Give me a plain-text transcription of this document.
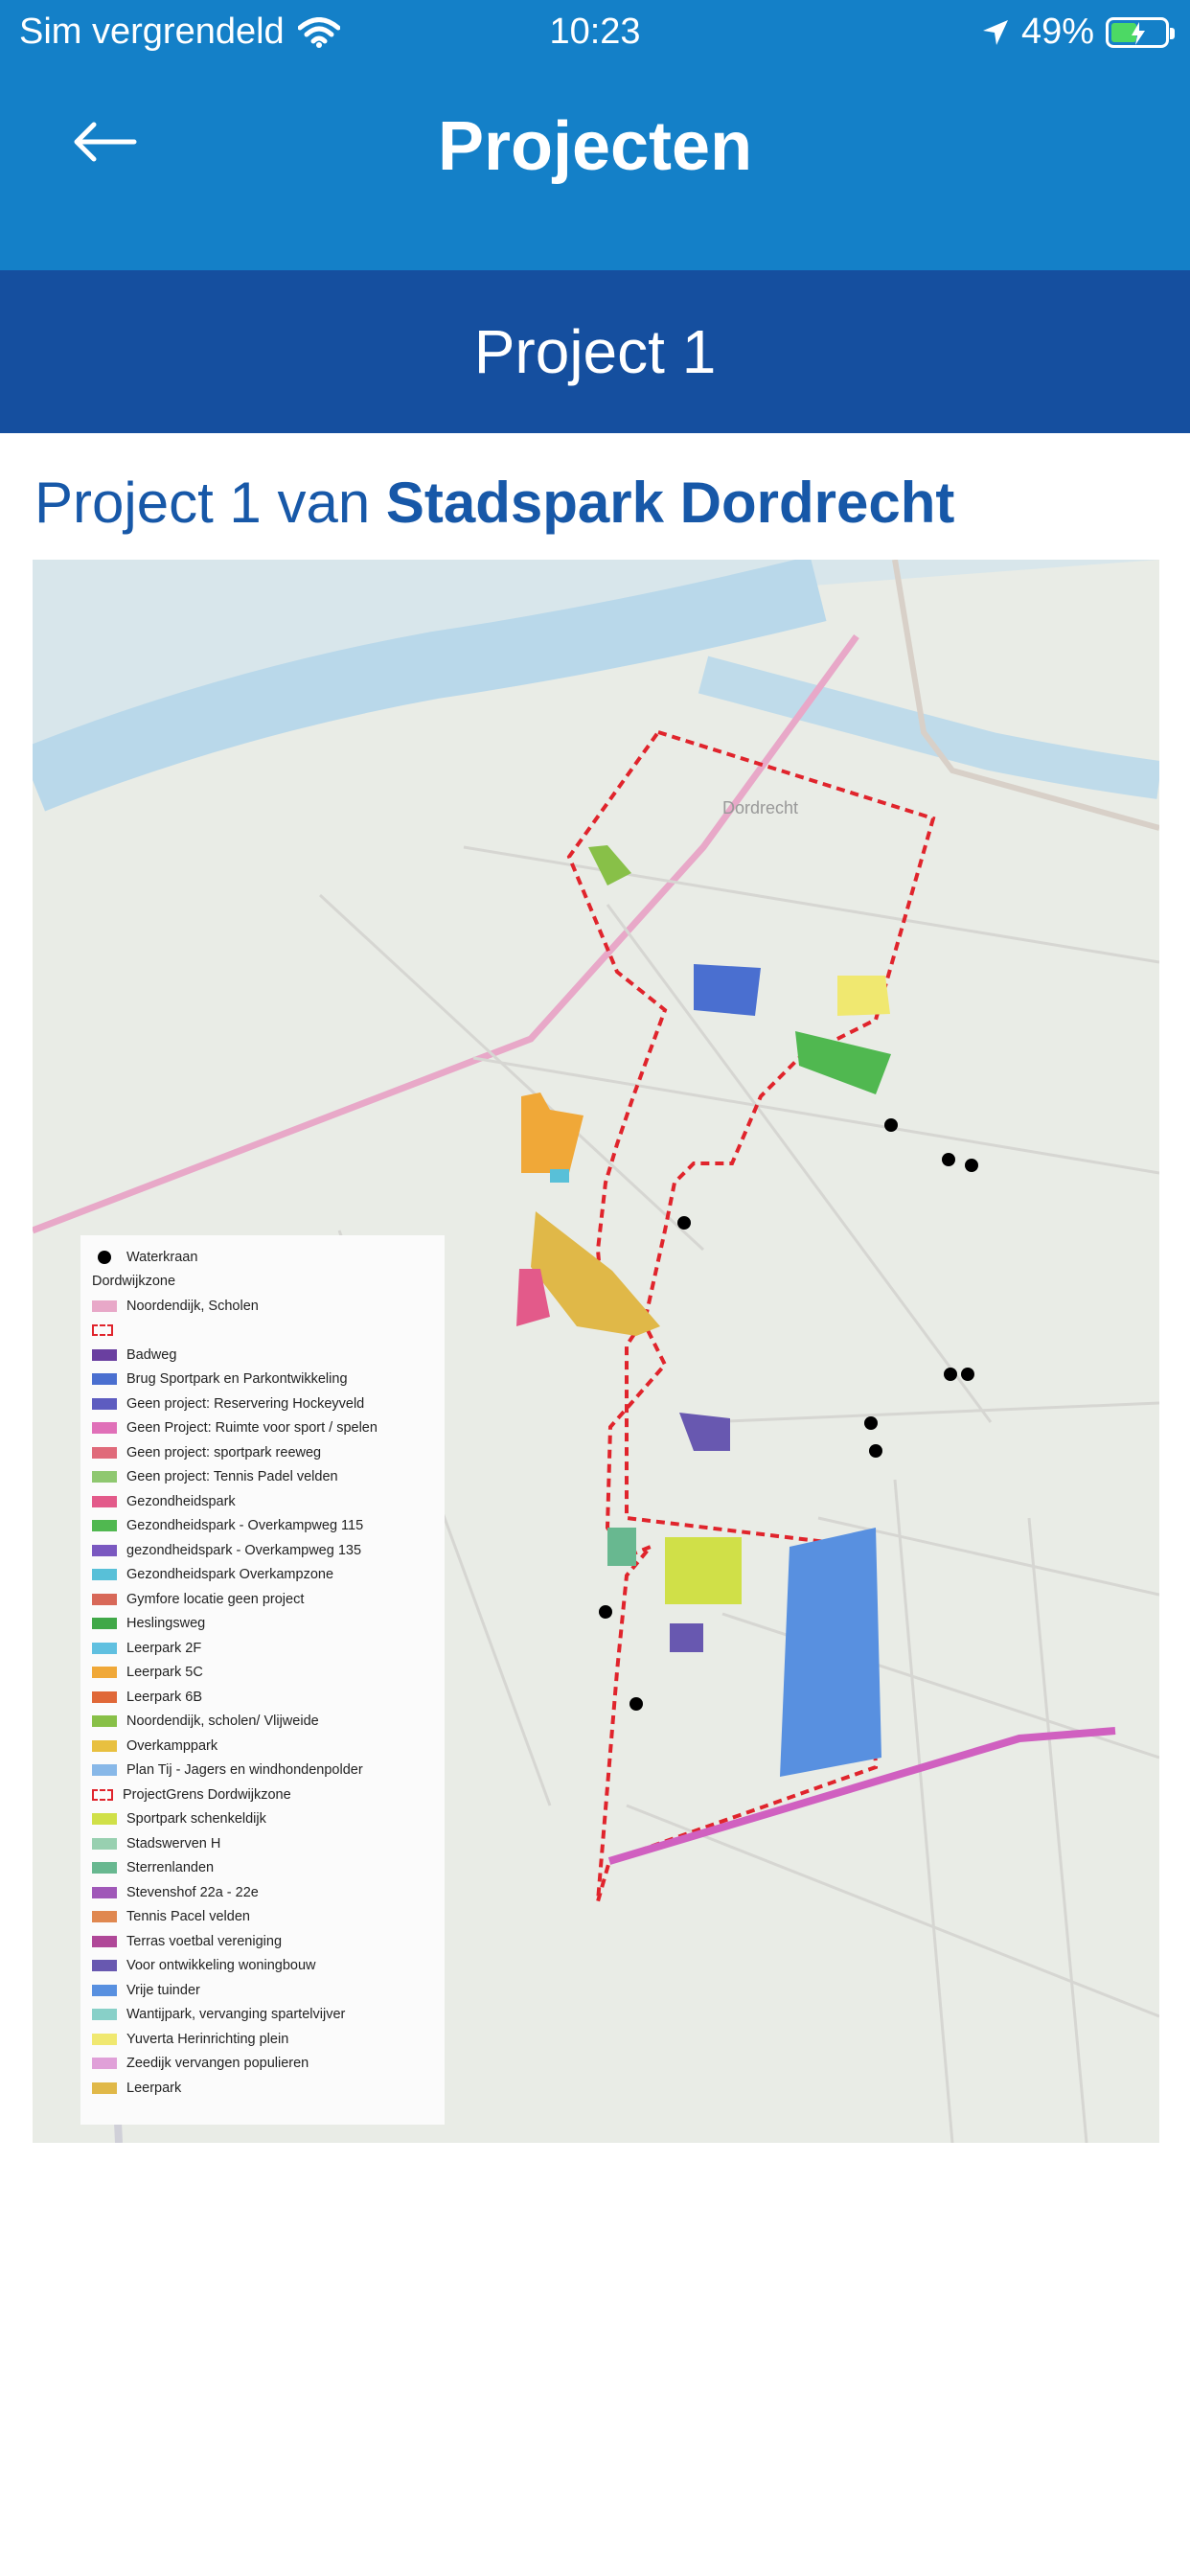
Sim vergrendeld	10:23	49%
Projecten
Project 1
Project 1 van Stadspark Dordrecht
Dordrecht
Waterkraan
Dordwijkzone
Noordendijk, Scholen
Badweg
Brug Sportpark en Parkontwikkeling
Geen project: Reservering Hockeyveld
Geen Project: Ruimte voor sport / spelen
Geen project: sportpark reeweg
Geen project: Tennis Padel velden
Gezondheidspark
Gezondheidspark - Overkampweg 115
gezondheidspark - Overkampweg 135
Gezondheidspark Overkampzone
Gymfore locatie geen project
Heslingsweg
Leerpark 2F
Leerpark 5C
Leerpark 6B
Noordendijk, scholen/ Vlijweide
Overkamppark
Plan Tij - Jagers en windhondenpolder
ProjectGrens Dordwijkzone
Sportpark schenkeldijk
Stadswerven H
Sterrenlanden
Stevenshof 22a - 22e
Tennis Pacel velden
Terras voetbal vereniging
Voor ontwikkeling woningbouw
Vrije tuinder
Wantijpark, vervanging spartelvijver
Yuverta Herinrichting plein
Zeedijk vervangen populieren
Leerpark
